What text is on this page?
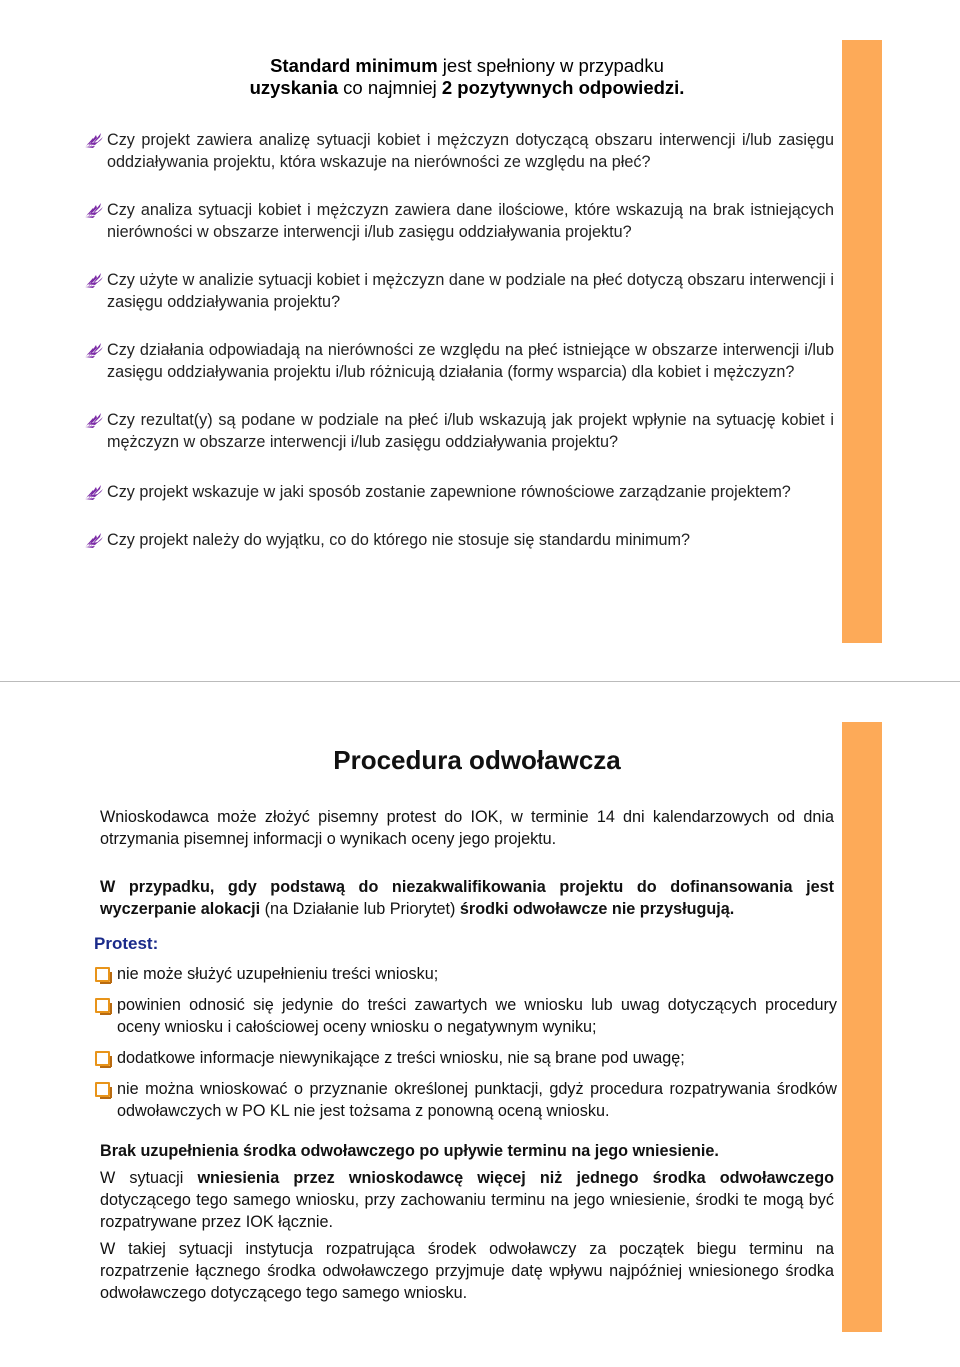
Standard minimum jest spełniony w przypadku
uzyskania co najmniej 2 pozytywnych odpowiedzi.
Czy projekt zawiera analizę sytuacji kobiet i mężczyzn dotyczącą obszaru interwencji i/lub zasięgu oddziaływania projektu, która wskazuje na nierówności ze względu na płeć?
Czy analiza sytuacji kobiet i mężczyzn zawiera dane ilościowe, które wskazują na brak istniejących nierówności w obszarze interwencji i/lub zasięgu oddziaływania projektu?
Czy użyte w analizie sytuacji kobiet i mężczyzn dane w podziale na płeć dotyczą obszaru interwencji i zasięgu oddziaływania projektu?
Czy działania odpowiadają na nierówności ze względu na płeć istniejące w obszarze interwencji i/lub zasięgu oddziaływania projektu i/lub różnicują działania (formy wsparcia) dla kobiet i mężczyzn?
Czy rezultat(y) są podane w podziale na płeć i/lub wskazują jak projekt wpłynie na sytuację kobiet i mężczyzn w obszarze interwencji i/lub zasięgu oddziaływania projektu?
Czy projekt wskazuje w jaki sposób zostanie zapewnione równościowe zarządzanie projektem?
Czy projekt należy do wyjątku, co do którego nie stosuje się standardu minimum?
Procedura odwoławcza
Wnioskodawca może złożyć pisemny protest do IOK, w terminie 14 dni kalendarzowych od dnia otrzymania pisemnej informacji o wynikach oceny jego projektu.
W przypadku, gdy podstawą do niezakwalifikowania projektu do dofinansowania jest wyczerpanie alokacji (na Działanie lub Priorytet) środki odwoławcze nie przysługują.
Protest:
nie może służyć uzupełnieniu treści wniosku;
powinien odnosić się jedynie do treści zawartych we wniosku lub uwag dotyczących procedury oceny wniosku i całościowej oceny wniosku o negatywnym wyniku;
dodatkowe informacje niewynikające z treści wniosku, nie są brane pod uwagę;
nie można wnioskować o przyznanie określonej punktacji, gdyż procedura rozpatrywania środków odwoławczych w PO KL nie jest tożsama z ponowną oceną wniosku.
Brak uzupełnienia środka odwoławczego po upływie terminu na jego wniesienie.
W sytuacji wniesienia przez wnioskodawcę więcej niż jednego środka odwoławczego dotyczącego tego samego wniosku, przy zachowaniu terminu na jego wniesienie, środki te mogą być rozpatrywane przez IOK łącznie.
W takiej sytuacji instytucja rozpatrująca środek odwoławczy za początek biegu terminu na rozpatrzenie łącznego środka odwoławczego przyjmuje datę wpływu najpóźniej wniesionego środka odwoławczego dotyczącego tego samego wniosku.
